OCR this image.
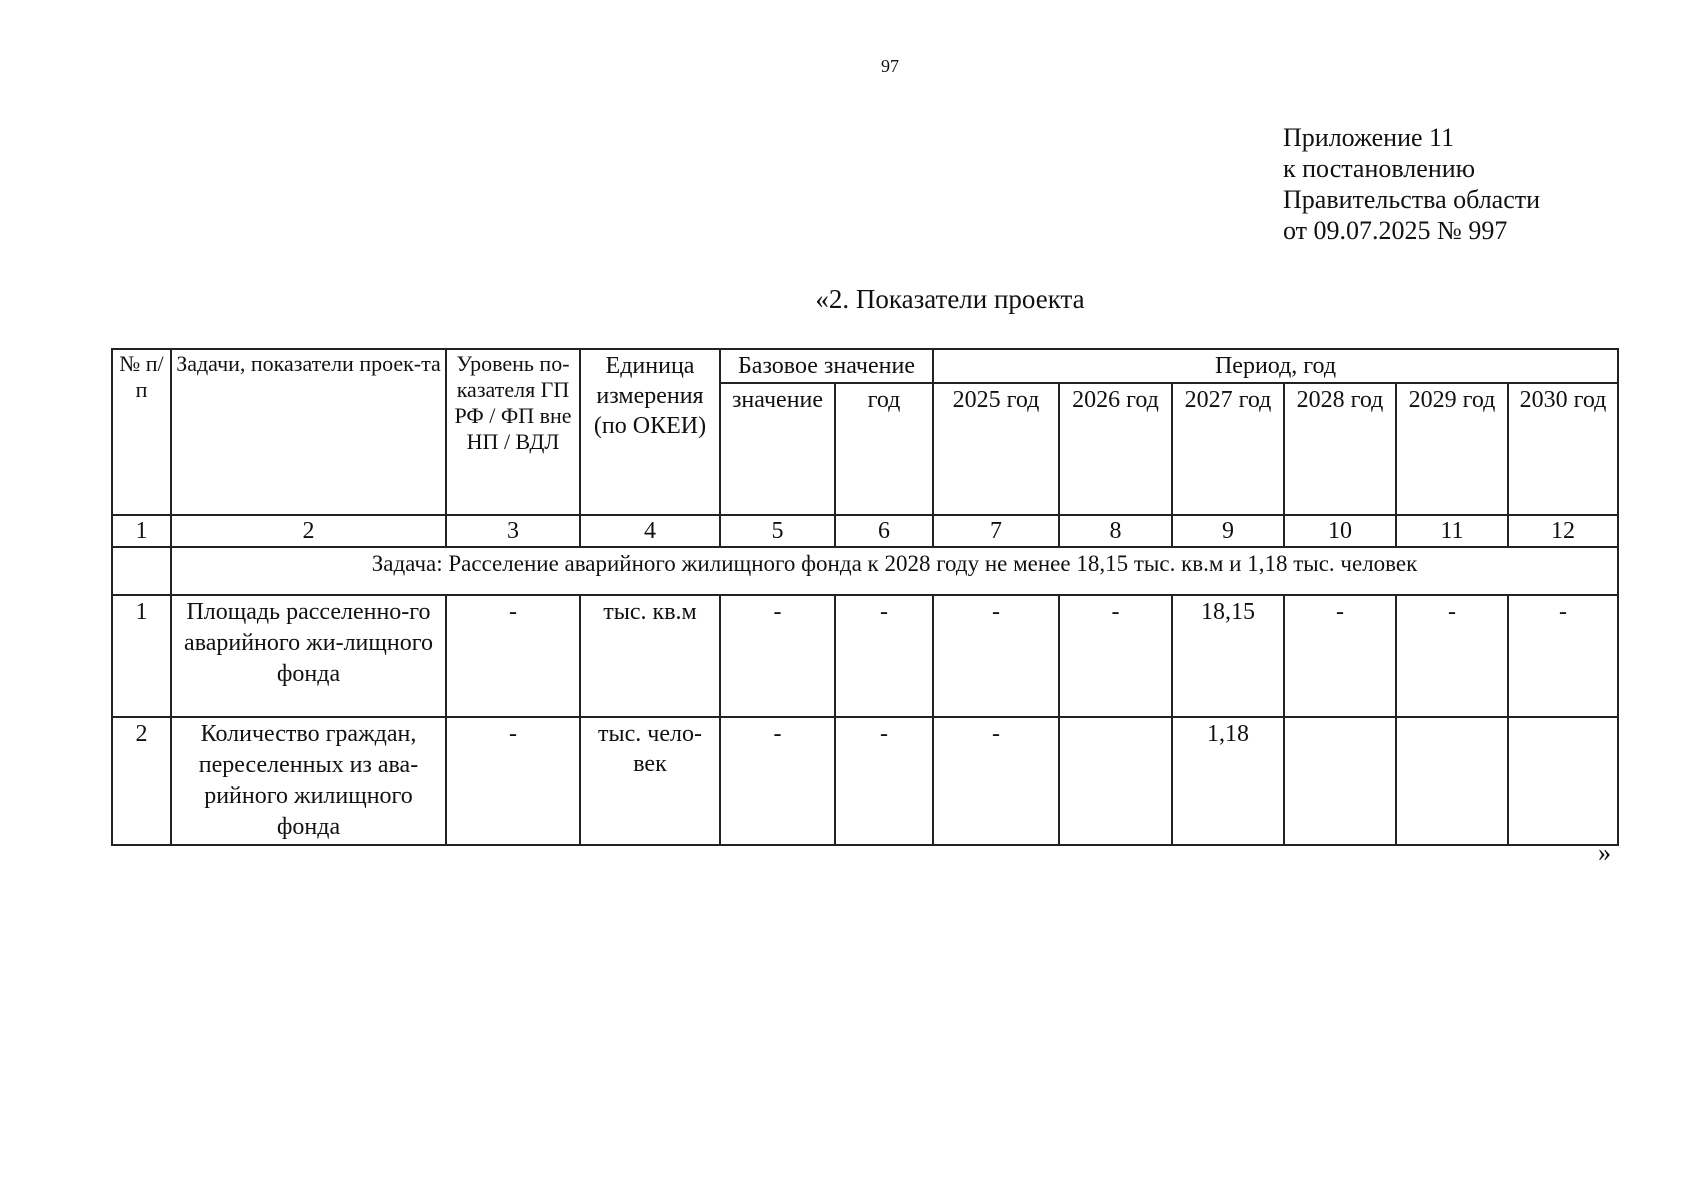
97
Приложение 11
к постановлению
Правительства области
от 09.07.2025 № 997
«2. Показатели проекта
№ п/п	Задачи, показатели проек-та	Уровень по-казателя ГП РФ / ФП вне НП / ВДЛ	Единица измерения (по ОКЕИ)	Базовое значение		Период, год					
				значение	год	2025 год	2026 год	2027 год	2028 год	2029 год	2030 год
1	2	3	4	5	6	7	8	9	10	11	12
	Задача: Расселение аварийного жилищного фонда к 2028 году не менее 18,15 тыс. кв.м и 1,18 тыс. человек										
1	Площадь расселенно-го аварийного жи-лищного фонда	-	тыс. кв.м	-	-	-	-	18,15	-	-	-
2	Количество граждан, переселенных из ава-рийного жилищного фонда	-	тыс. чело-век	-	-	-		1,18			
»
